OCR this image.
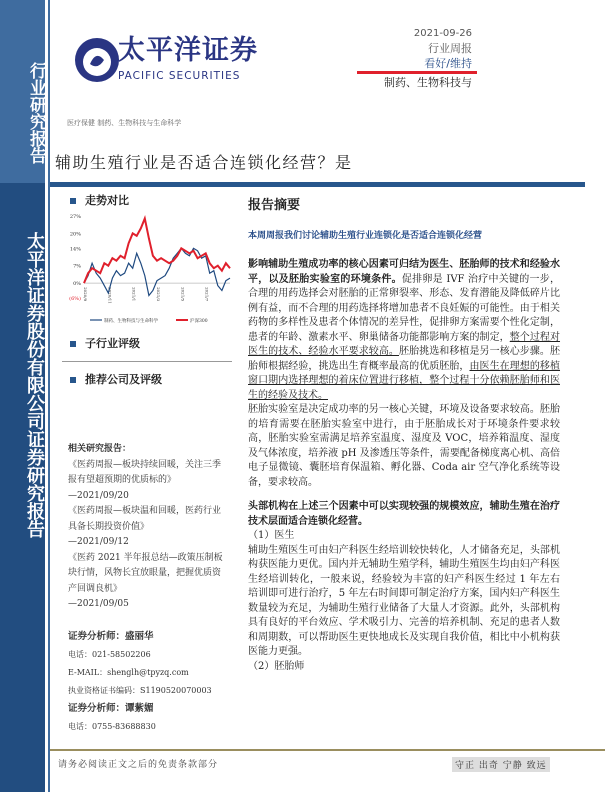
行业研究报告
太平洋证券股份有限公司证券研究报告
太平洋证券
PACIFIC SECURITIES
2021-09-26
行业周报
看好/维持
制药、生物科技与
医疗保健 制药、生物科技与生命科学
辅助生殖行业是否适合连锁化经营？是
走势对比
27%
20%
14%
7%
0%
(6%) 2020/9	2020/11	2021/1	2021/3	2021/5	2021/7
制药、生物科技与生命科学	沪深300
子行业评级
推荐公司及评级
相关研究报告：
《医药周报—板块持续回暖，关注三季报有望超预期的优质标的》
—2021/09/20
《医药周报—板块温和回暖，医药行业具备长期投资价值》
—2021/09/12
《医药 2021 半年报总结—政策压制板块行情，风物长宜放眼量，把握优质资产回调良机》
—2021/09/05
证券分析师：盛丽华
电话：021-58502206
E-MAIL：shenglh@tpyzq.com
执业资格证书编码：S1190520070003
证券分析师：谭紫媚
电话：0755-83688830
报告摘要
本周周报我们讨论辅助生殖行业连锁化是否适合连锁化经营

影响辅助生殖成功率的核心因素可归结为医生、胚胎师的技术和经验水平，以及胚胎实验室的环境条件。促排卵是 IVF 治疗中关键的一步，合理的用药选择会对胚胎的正常卵裂率、形态、发育潜能及降低碎片比例有益，而不合理的用药选择将增加患者不良妊娠的可能性。由于相关药物的多样性及患者个体情况的差异性，促排卵方案需要个性化定制，患者的年龄、激素水平、卵巢储备功能都影响方案的制定，整个过程对医生的技术、经验水平要求较高。胚胎挑选和移植是另一核心步骤。胚胎师根据经验，挑选出生育概率最高的优质胚胎，由医生在理想的移植窗口期内选择理想的着床位置进行移植，整个过程十分依赖胚胎师和医生的经验及技术。

胚胎实验室是决定成功率的另一核心关键，环境及设备要求较高。胚胎的培育需要在胚胎实验室中进行，由于胚胎成长对于环境条件要求较高，胚胎实验室需满足培养室温度、湿度及 VOC，培养箱温度、湿度及气体浓度，培养液 pH 及渗透压等条件，需要配备梯度离心机、高倍电子显微镜、囊胚培育保温箱、孵化器、Coda air 空气净化系统等设备，要求较高。

头部机构在上述三个因素中可以实现较强的规模效应，辅助生殖在治疗技术层面适合连锁化经营。

（1）医生

辅助生殖医生可由妇产科医生经培训较快转化，人才储备充足，头部机构获医能力更优。国内并无辅助生殖学科，辅助生殖医生均由妇产科医生经培训转化，一般来说，经验较为丰富的妇产科医生经过 1 年左右培训即可进行治疗，5 年左右时间即可制定治疗方案，国内妇产科医生数量较为充足，为辅助生殖行业储备了大量人才资源。此外，头部机构具有良好的平台效应、学术吸引力、完善的培养机制、充足的患者人数和周期数，可以帮助医生更快地成长及实现自我价值，相比中小机构获医能力更强。

（2）胚胎师

请务必阅读正文之后的免责条款部分	守正 出奇 宁静 致远
